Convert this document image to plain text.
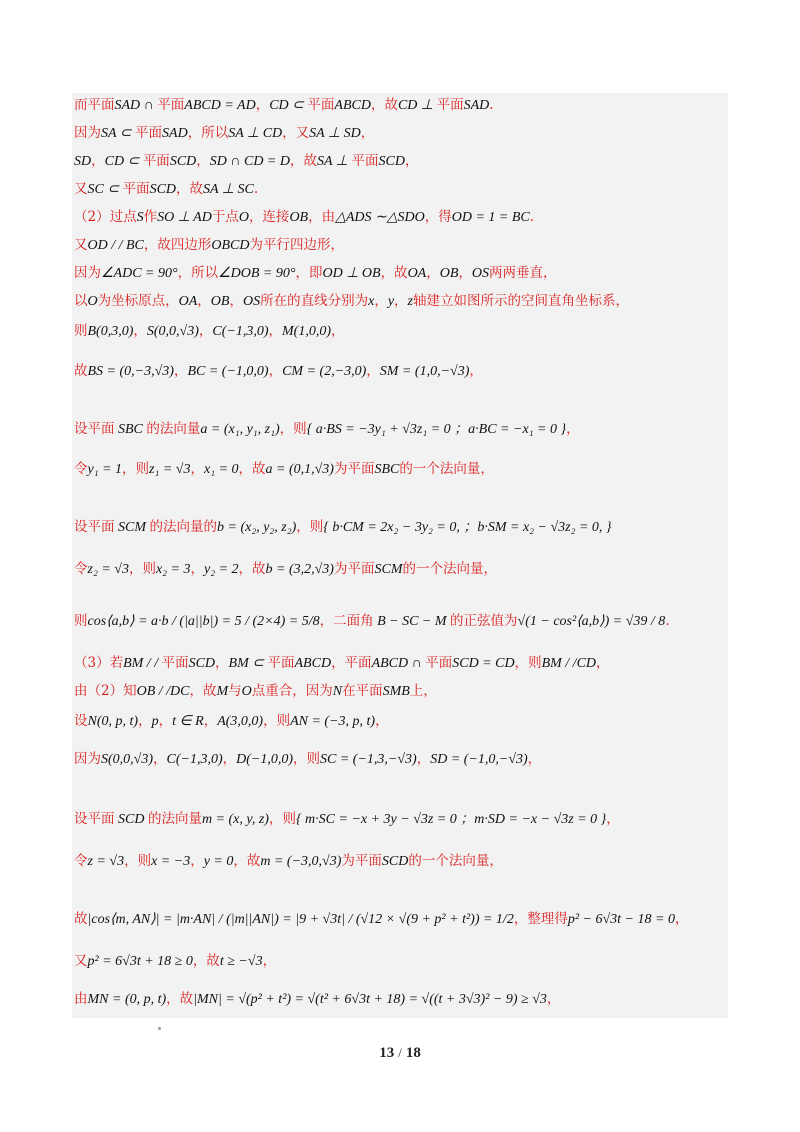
而平面SAD ∩ 平面ABCD = AD，CD ⊂ 平面ABCD，故CD ⊥ 平面SAD.
因为SA ⊂ 平面SAD，所以SA ⊥ CD，又SA ⊥ SD，
SD，CD ⊂ 平面SCD，SD ∩ CD = D，故SA ⊥ 平面SCD，
又SC ⊂ 平面SCD，故SA ⊥ SC.
（2）过点S作SO ⊥ AD于点O，连接OB，由△ADS ∼△SDO，得OD = 1 = BC.
又OD / / BC，故四边形OBCD为平行四边形，
因为∠ADC = 90°，所以∠DOB = 90°，即OD ⊥ OB，故OA，OB，OS两两垂直，
以O为坐标原点，OA，OB，OS所在的直线分别为x，y，z轴建立如图所示的空间直角坐标系，
则B(0,3,0)，S(0,0,√3)，C(−1,3,0)，M(1,0,0)，
故BS = (0,−3,√3)，BC = (−1,0,0)，CM = (2,−3,0)，SM = (1,0,−√3)，
设平面 SBC 的法向量a = (x₁, y₁, z₁)，则{ a·BS = −3y₁ + √3z₁ = 0 ；a·BC = −x₁ = 0 }，
令y₁ = 1，则z₁ = √3，x₁ = 0，故a = (0,1,√3)为平面SBC的一个法向量，
设平面 SCM 的法向量的b = (x₂, y₂, z₂)，则{ b·CM = 2x₂ − 3y₂ = 0, ；b·SM = x₂ − √3z₂ = 0, }
令z₂ = √3，则x₂ = 3，y₂ = 2，故b = (3,2,√3)为平面SCM的一个法向量，
则cos⟨a,b⟩ = a·b / (|a||b|) = 5 / (2×4) = 5/8，二面角 B − SC − M 的正弦值为√(1 − cos²⟨a,b⟩) = √39 / 8.
（3）若BM / / 平面SCD，BM ⊂ 平面ABCD，平面ABCD ∩ 平面SCD = CD，则BM / /CD，
由（2）知OB / /DC，故M与O点重合，因为N在平面SMB上，
设N(0, p, t)，p，t ∈ R，A(3,0,0)，则AN = (−3, p, t)，
因为S(0,0,√3)，C(−1,3,0)，D(−1,0,0)，则SC = (−1,3,−√3)，SD = (−1,0,−√3)，
设平面 SCD 的法向量m = (x, y, z)，则{ m·SC = −x + 3y − √3z = 0 ；m·SD = −x − √3z = 0 }，
令z = √3，则x = −3，y = 0，故m = (−3,0,√3)为平面SCD的一个法向量，
故|cos⟨m, AN⟩| = |m·AN| / (|m||AN|) = |9 + √3t| / (√12 × √(9 + p² + t²)) = 1/2，整理得p² − 6√3t − 18 = 0，
又p² = 6√3t + 18 ≥ 0，故t ≥ −√3，
由MN = (0, p, t)，故|MN| = √(p² + t²) = √(t² + 6√3t + 18) = √((t + 3√3)² − 9) ≥ √3，
13 / 18
